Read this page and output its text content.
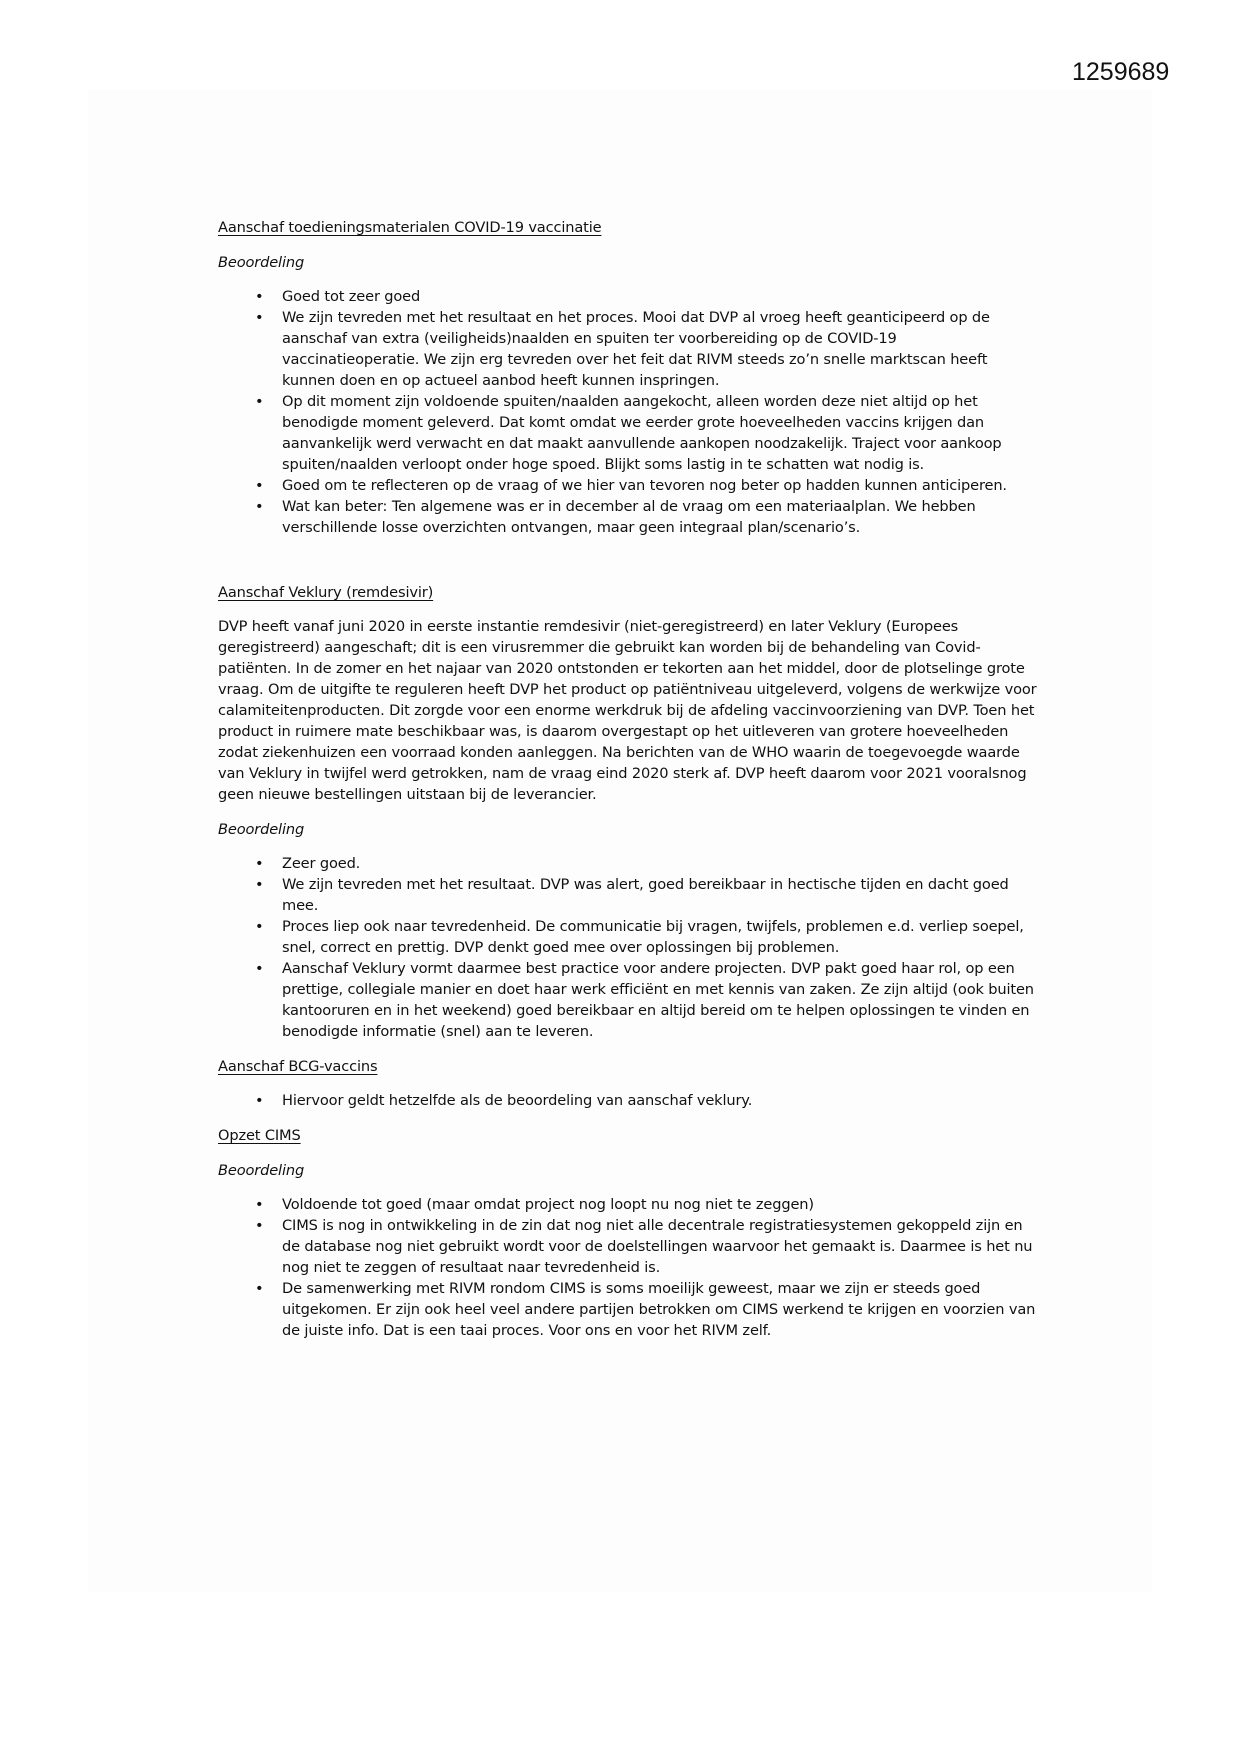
1259689

Aanschaf toedieningsmaterialen COVID-19 vaccinatie

Beoordeling

• Goed tot zeer goed
• We zijn tevreden met het resultaat en het proces. Mooi dat DVP al vroeg heeft geanticipeerd op de aanschaf van extra (veiligheids)naalden en spuiten ter voorbereiding op de COVID-19 vaccinatieoperatie. We zijn erg tevreden over het feit dat RIVM steeds zo’n snelle marktscan heeft kunnen doen en op actueel aanbod heeft kunnen inspringen.
• Op dit moment zijn voldoende spuiten/naalden aangekocht, alleen worden deze niet altijd op het benodigde moment geleverd. Dat komt omdat we eerder grote hoeveelheden vaccins krijgen dan aanvankelijk werd verwacht en dat maakt aanvullende aankopen noodzakelijk. Traject voor aankoop spuiten/naalden verloopt onder hoge spoed. Blijkt soms lastig in te schatten wat nodig is.
• Goed om te reflecteren op de vraag of we hier van tevoren nog beter op hadden kunnen anticiperen.
• Wat kan beter: Ten algemene was er in december al de vraag om een materiaalplan. We hebben verschillende losse overzichten ontvangen, maar geen integraal plan/scenario’s.

Aanschaf Veklury (remdesivir)

DVP heeft vanaf juni 2020 in eerste instantie remdesivir (niet-geregistreerd) en later Veklury (Europees geregistreerd) aangeschaft; dit is een virusremmer die gebruikt kan worden bij de behandeling van Covid-patiënten. In de zomer en het najaar van 2020 ontstonden er tekorten aan het middel, door de plotselinge grote vraag. Om de uitgifte te reguleren heeft DVP het product op patiëntniveau uitgeleverd, volgens de werkwijze voor calamiteitenproducten. Dit zorgde voor een enorme werkdruk bij de afdeling vaccinvoorziening van DVP. Toen het product in ruimere mate beschikbaar was, is daarom overgestapt op het uitleveren van grotere hoeveelheden zodat ziekenhuizen een voorraad konden aanleggen. Na berichten van de WHO waarin de toegevoegde waarde van Veklury in twijfel werd getrokken, nam de vraag eind 2020 sterk af. DVP heeft daarom voor 2021 vooralsnog geen nieuwe bestellingen uitstaan bij de leverancier.

Beoordeling

• Zeer goed.
• We zijn tevreden met het resultaat. DVP was alert, goed bereikbaar in hectische tijden en dacht goed mee.
• Proces liep ook naar tevredenheid. De communicatie bij vragen, twijfels, problemen e.d. verliep soepel, snel, correct en prettig. DVP denkt goed mee over oplossingen bij problemen.
• Aanschaf Veklury vormt daarmee best practice voor andere projecten. DVP pakt goed haar rol, op een prettige, collegiale manier en doet haar werk efficiënt en met kennis van zaken. Ze zijn altijd (ook buiten kantooruren en in het weekend) goed bereikbaar en altijd bereid om te helpen oplossingen te vinden en benodigde informatie (snel) aan te leveren.

Aanschaf BCG-vaccins

• Hiervoor geldt hetzelfde als de beoordeling van aanschaf veklury.

Opzet CIMS

Beoordeling

• Voldoende tot goed (maar omdat project nog loopt nu nog niet te zeggen)
• CIMS is nog in ontwikkeling in de zin dat nog niet alle decentrale registratiesystemen gekoppeld zijn en de database nog niet gebruikt wordt voor de doelstellingen waarvoor het gemaakt is. Daarmee is het nu nog niet te zeggen of resultaat naar tevredenheid is.
• De samenwerking met RIVM rondom CIMS is soms moeilijk geweest, maar we zijn er steeds goed uitgekomen. Er zijn ook heel veel andere partijen betrokken om CIMS werkend te krijgen en voorzien van de juiste info. Dat is een taai proces. Voor ons en voor het RIVM zelf.
